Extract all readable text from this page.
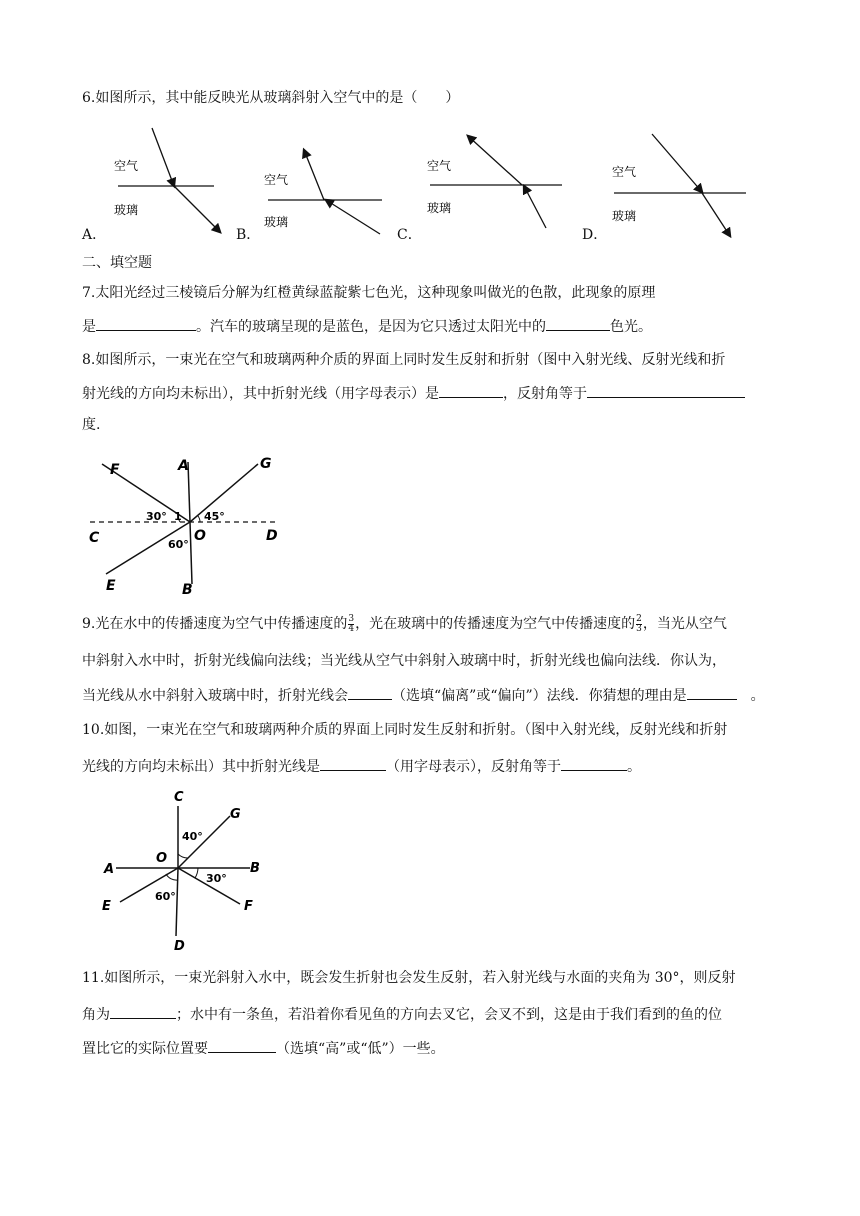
6.如图所示，其中能反映光从玻璃斜射入空气中的是（　　）
空气
玻璃
空气
玻璃
空气
玻璃
空气
玻璃
A．	B．	C．	D．
二、填空题
7.太阳光经过三棱镜后分解为红橙黄绿蓝靛紫七色光，这种现象叫做光的色散，此现象的原理
是	。汽车的玻璃呈现的是蓝色，是因为它只透过太阳光中的	色光。
8.如图所示，一束光在空气和玻璃两种介质的界面上同时发生反射和折射（图中入射光线、反射光线和折
射光线的方向均未标出），其中折射光线（用字母表示）是	，反射角等于
度.
F	A	G
C	D
O
E	B
30° 1 45°
60°
9.光在水中的传播速度为空气中传播速度的 $\frac{3}{4}$ ，光在玻璃中的传播速度为空气中传播速度的 $\frac{2}{3}$ ，当光从空气
中斜射入水中时，折射光线偏向法线；当光线从空气中斜射入玻璃中时，折射光线也偏向法线．你认为，
当光线从水中斜射入玻璃中时，折射光线会	（选填“偏离”或“偏向”）法线．你猜想的理由是	　。
10.如图，一束光在空气和玻璃两种介质的界面上同时发生反射和折射。（图中入射光线，反射光线和折射
光线的方向均未标出）其中折射光线是	（用字母表示），反射角等于	。
C
G
40°
O
A	B
30°
E
60°
F
D
11.如图所示，一束光斜射入水中，既会发生折射也会发生反射，若入射光线与水面的夹角为 30°，则反射
角为	；水中有一条鱼，若沿着你看见鱼的方向去叉它，会叉不到，这是由于我们看到的鱼的位
置比它的实际位置要	（选填“高”或“低”）一些。
